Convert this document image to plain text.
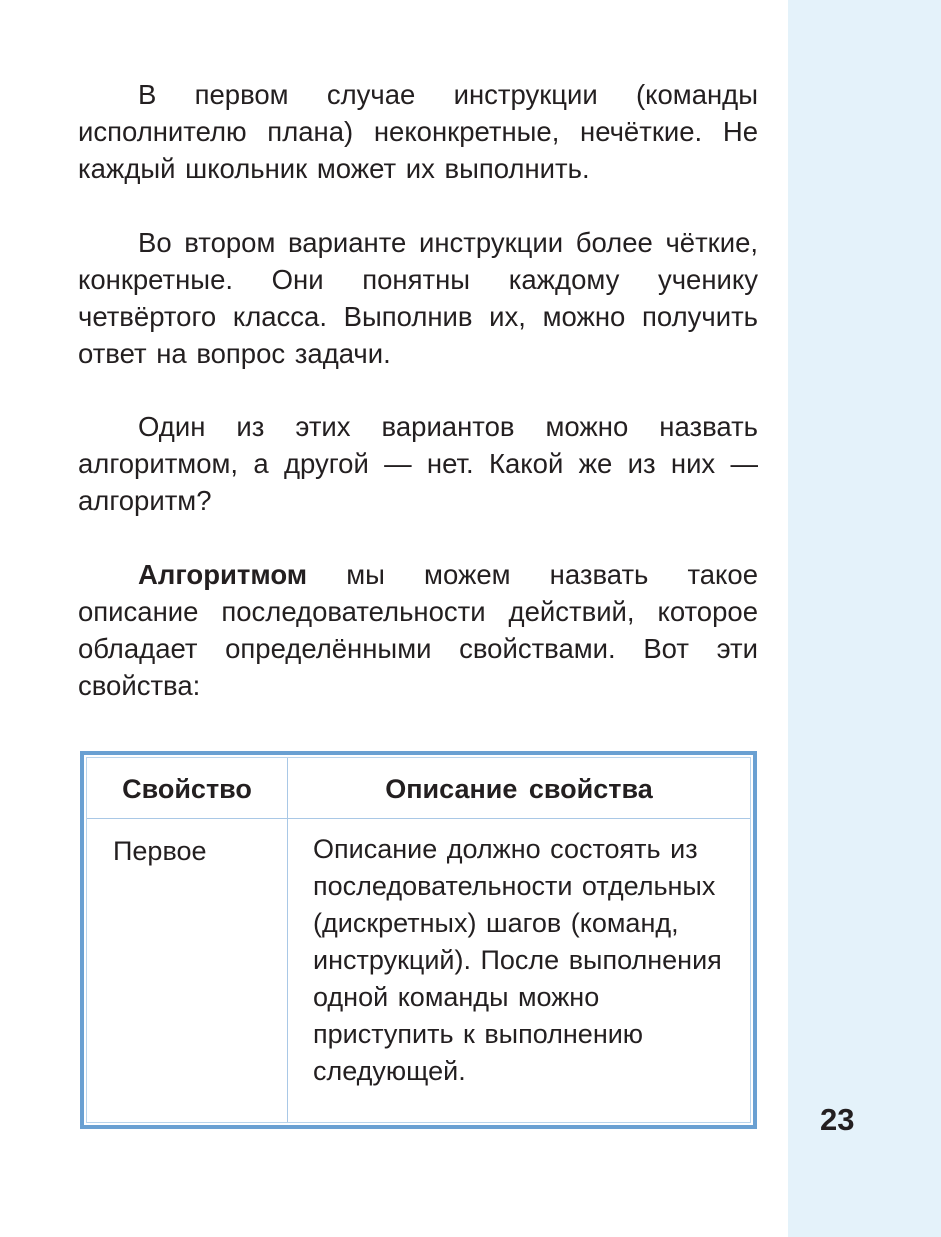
В первом случае инструкции (команды исполнителю плана) неконкретные, нечёткие. Не каждый школьник может их выполнить.

Во втором варианте инструкции более чёткие, конкретные. Они понятны каждому ученику четвёртого класса. Выполнив их, можно получить ответ на вопрос задачи.

Один из этих вариантов можно назвать алгоритмом, а другой — нет. Какой же из них — алгоритм?

Алгоритмом мы можем назвать такое описание последовательности действий, которое обладает определёнными свойствами. Вот эти свойства:

Свойство	Описание свойства
Первое	Описание должно состоять из последовательности отдельных (дискретных) шагов (команд, инструкций). После выполнения одной команды можно приступить к выполнению следующей.
23
